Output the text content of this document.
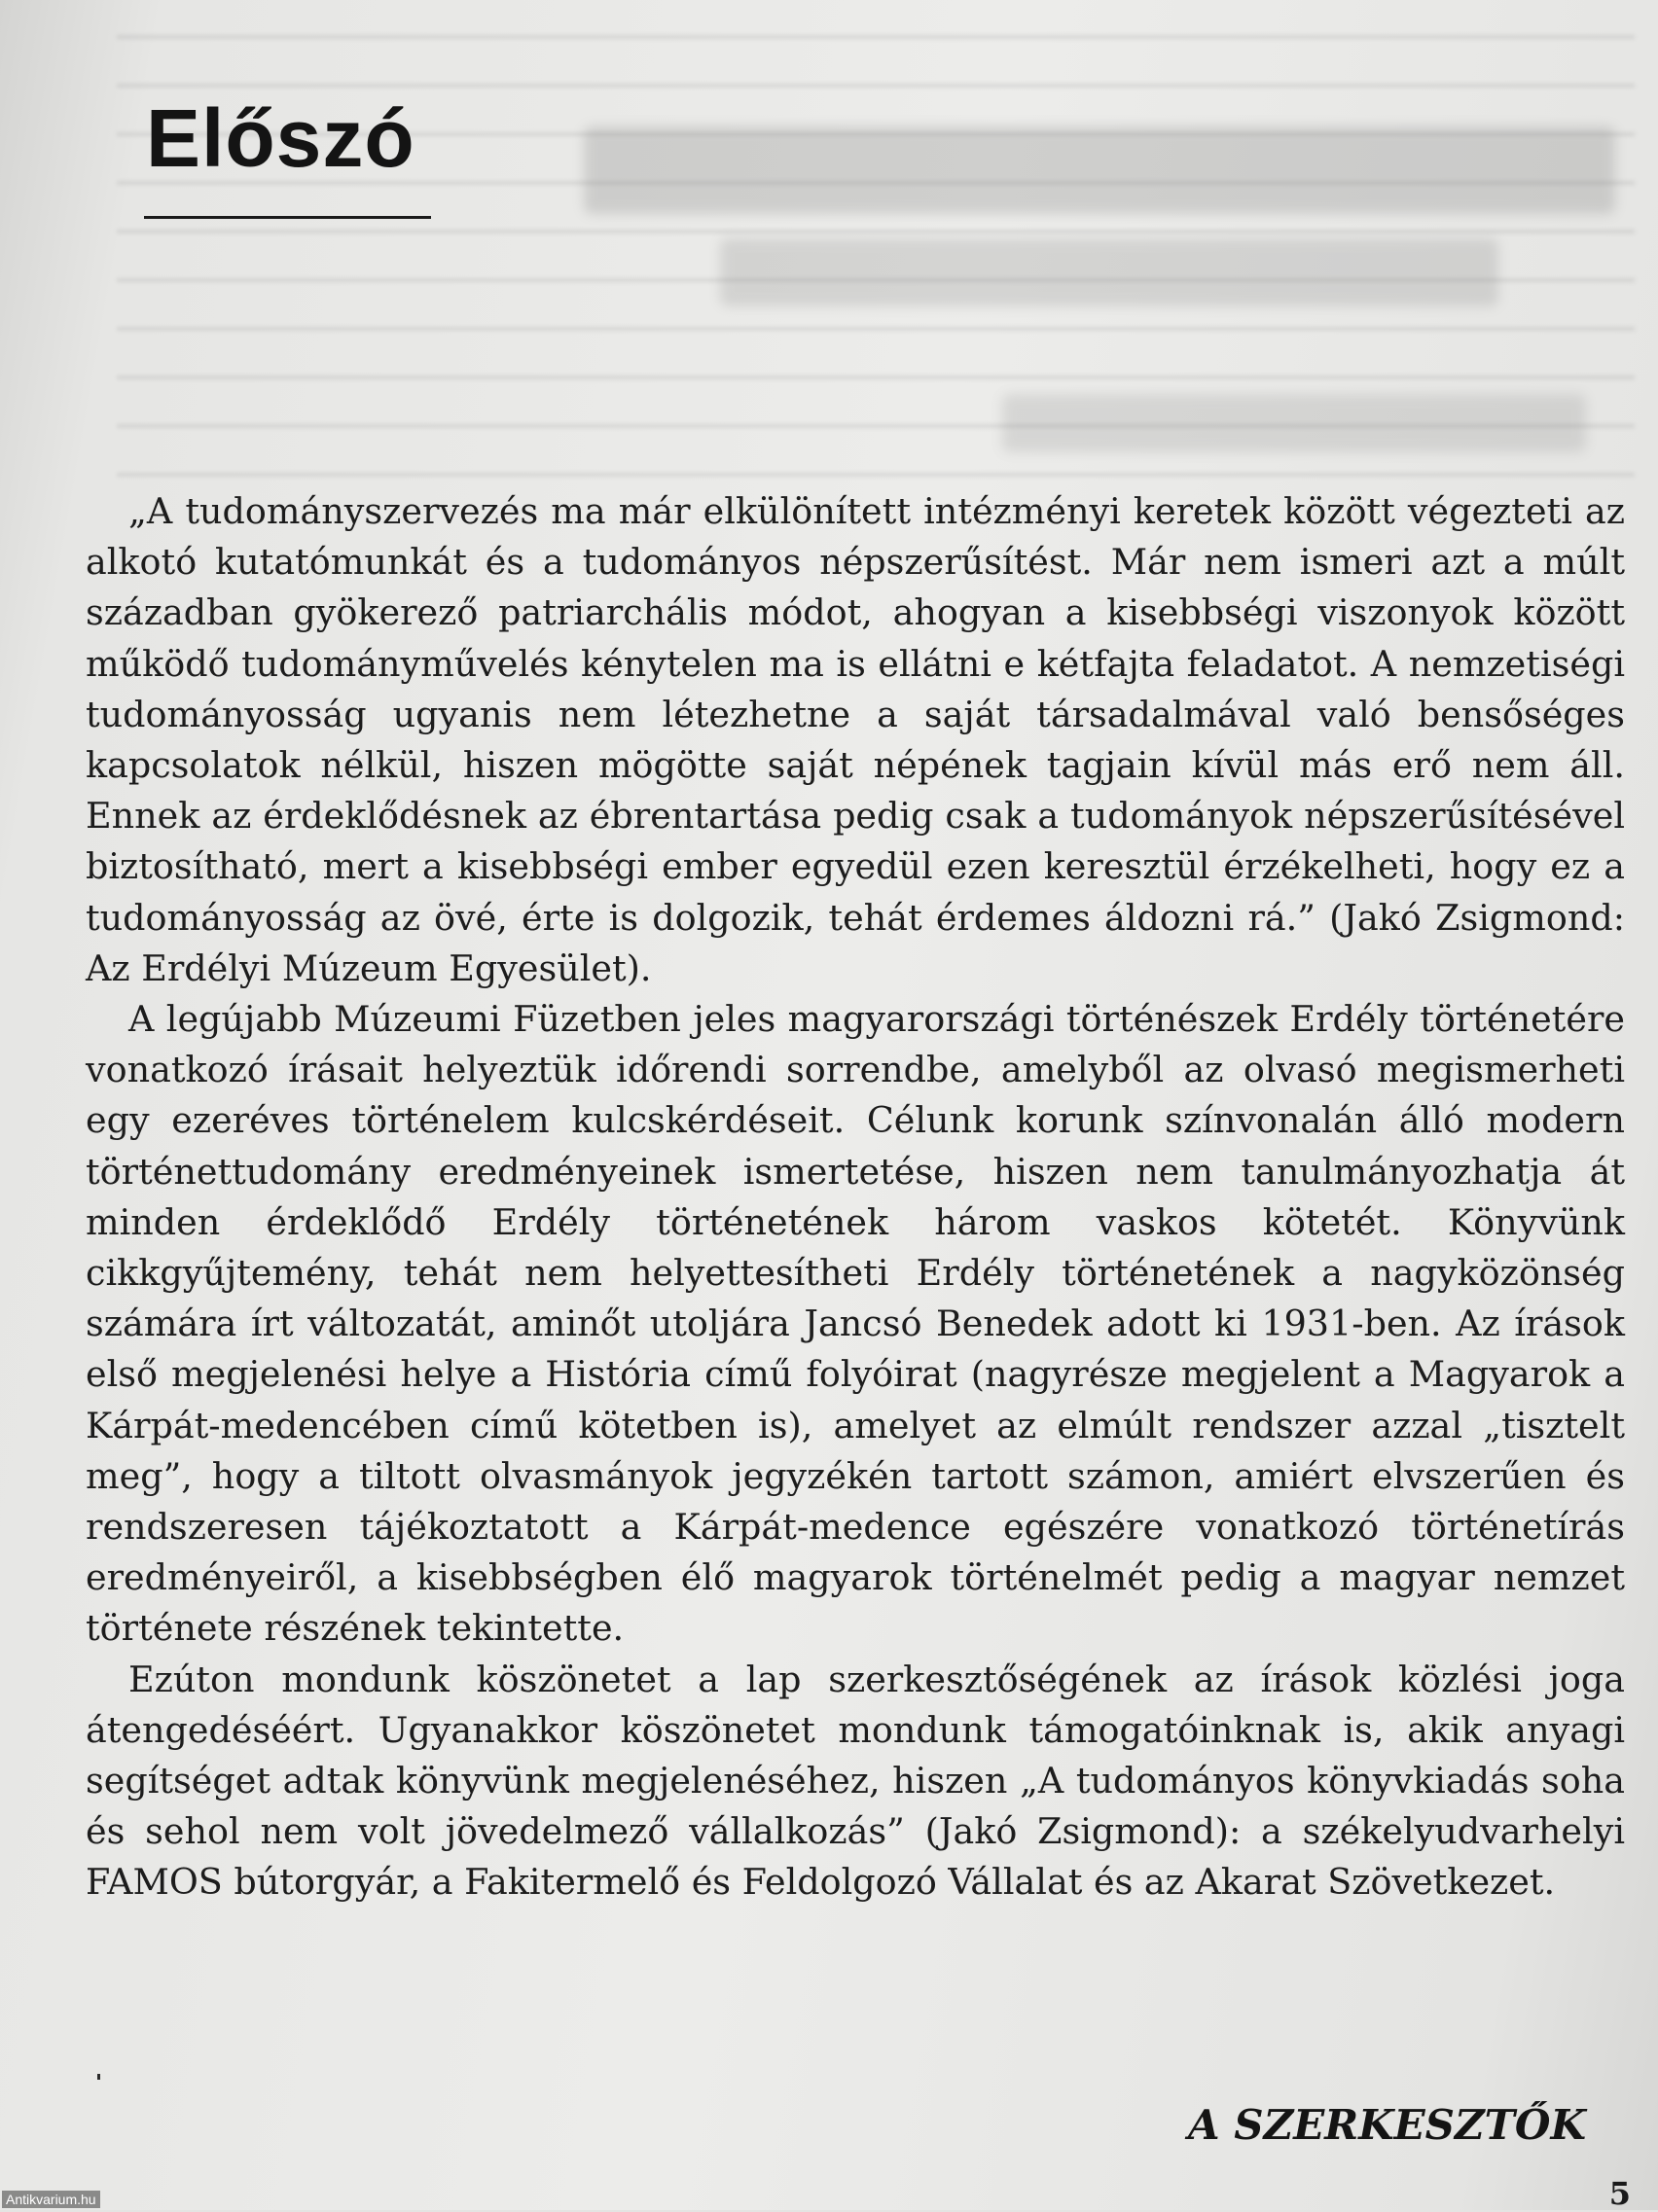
Előszó

„A tudományszervezés ma már elkülönített intézményi keretek között végezteti az alkotó kutatómunkát és a tudományos népszerűsítést. Már nem ismeri azt a múlt században gyökerező patriarchális módot, ahogyan a kisebbségi viszonyok között működő tudományművelés kénytelen ma is ellátni e kétfajta feladatot. A nemzetiségi tudományosság ugyanis nem létezhetne a saját társadalmával való bensőséges kapcsolatok nélkül, hiszen mögötte saját népének tagjain kívül más erő nem áll. Ennek az érdeklődésnek az ébrentartása pedig csak a tudományok népszerűsítésével biztosítható, mert a kisebbségi ember egyedül ezen keresztül érzékelheti, hogy ez a tudományosság az övé, érte is dolgozik, tehát érdemes áldozni rá.” (Jakó Zsigmond: Az Erdélyi Múzeum Egyesület).

A legújabb Múzeumi Füzetben jeles magyarországi történészek Erdély történetére vonatkozó írásait helyeztük időrendi sorrendbe, amelyből az olvasó megismerheti egy ezeréves történelem kulcskérdéseit. Célunk korunk színvonalán álló modern történettudomány eredményeinek ismertetése, hiszen nem tanulmányozhatja át minden érdeklődő Erdély történetének három vaskos kötetét. Könyvünk cikkgyűjtemény, tehát nem helyettesítheti Erdély történetének a nagyközönség számára írt változatát, aminőt utoljára Jancsó Benedek adott ki 1931-ben. Az írások első megjelenési helye a História című folyóirat (nagyrésze megjelent a Magyarok a Kárpát-medencében című kötetben is), amelyet az elmúlt rendszer azzal „tisztelt meg”, hogy a tiltott olvasmányok jegyzékén tartott számon, amiért elvszerűen és rendszeresen tájékoztatott a Kárpát-medence egészére vonatkozó történetírás eredményeiről, a kisebbségben élő magyarok történelmét pedig a magyar nemzet története részének tekintette.

Ezúton mondunk köszönetet a lap szerkesztőségének az írások közlési joga átengedéséért. Ugyanakkor köszönetet mondunk támogatóinknak is, akik anyagi segítséget adtak könyvünk megjelenéséhez, hiszen „A tudományos könyvkiadás soha és sehol nem volt jövedelmező vállalkozás” (Jakó Zsigmond): a székelyudvarhelyi FAMOS bútorgyár, a Fakitermelő és Feldolgozó Vállalat és az Akarat Szövetkezet.

A SZERKESZTŐK

5
Antikvarium.hu
